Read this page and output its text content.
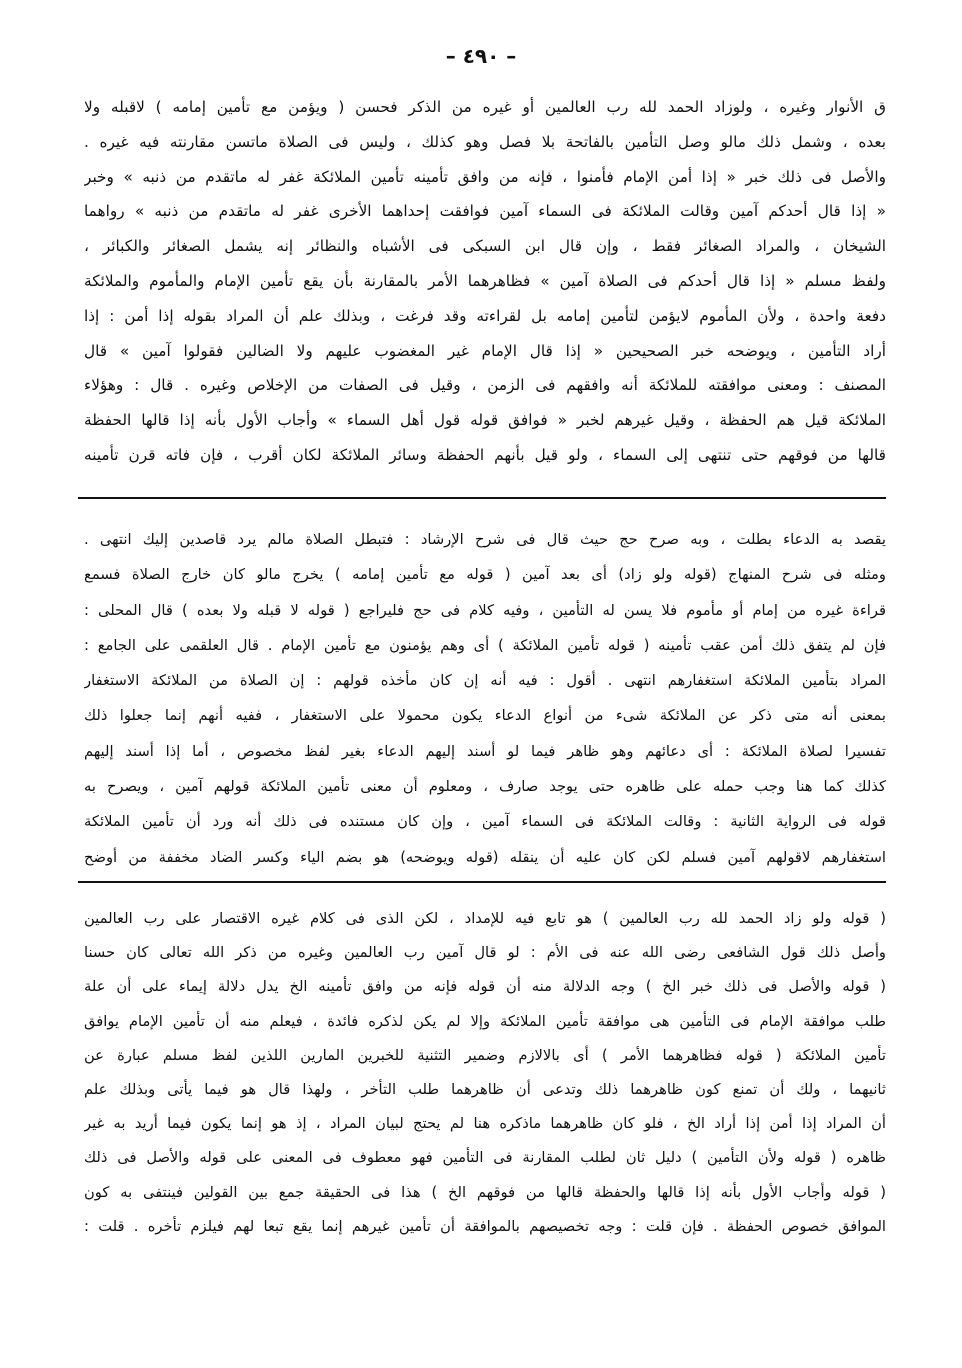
– ٤٩٠ –
ق الأنوار وغيره ، ولوزاد الحمد لله رب العالمين أو غيره من الذكر فحسن ( ويؤمن مع تأمين إمامه ) لاقبله ولا
بعده ، وشمل ذلك مالو وصل التأمين بالفاتحة بلا فصل وهو كذلك ، وليس فى الصلاة ماتسن مقارنته فيه غيره .
والأصل فى ذلك خبر « إذا أمن الإمام فأمنوا ، فإنه من وافق تأمينه تأمين الملائكة غفر له ماتقدم من ذنبه » وخبر
« إذا قال أحدكم آمين وقالت الملائكة فى السماء آمين فوافقت إحداهما الأخرى غفر له ماتقدم من ذنبه » رواهما
الشيخان ، والمراد الصغائر فقط ، وإن قال ابن السبكى فى الأشباه والنظائر إنه يشمل الصغائر والكبائر ،
ولفظ مسلم « إذا قال أحدكم فى الصلاة آمين » فظاهرهما الأمر بالمقارنة بأن يقع تأمين الإمام والمأموم والملائكة
دفعة واحدة ، ولأن المأموم لايؤمن لتأمين إمامه بل لقراءته وقد فرغت ، وبذلك علم أن المراد بقوله إذا أمن : إذا
أراد التأمين ، ويوضحه خبر الصحيحين « إذا قال الإمام غير المغضوب عليهم ولا الضالين فقولوا آمين » قال
المصنف : ومعنى موافقته للملائكة أنه وافقهم فى الزمن ، وقيل فى الصفات من الإخلاص وغيره . قال : وهؤلاء
الملائكة قيل هم الحفظة ، وقيل غيرهم لخبر « فوافق قوله قول أهل السماء » وأجاب الأول بأنه إذا قالها الحفظة
قالها من فوقهم حتى تنتهى إلى السماء ، ولو قيل بأنهم الحفظة وسائر الملائكة لكان أقرب ، فإن فاته قرن تأمينه
يقصد به الدعاء بطلت ، وبه صرح حج حيث قال فى شرح الإرشاد : فتبطل الصلاة مالم يرد قاصدين إليك انتهى .
ومثله فى شرح المنهاج (قوله ولو زاد) أى بعد آمين ( قوله مع تأمين إمامه ) يخرج مالو كان خارج الصلاة فسمع
قراءة غيره من إمام أو مأموم فلا يسن له التأمين ، وفيه كلام فى حج فليراجع ( قوله لا قبله ولا بعده ) قال المحلى :
فإن لم يتفق ذلك أمن عقب تأمينه ( قوله تأمين الملائكة ) أى وهم يؤمنون مع تأمين الإمام . قال العلقمى على الجامع :
المراد بتأمين الملائكة استغفارهم انتهى . أقول : فيه أنه إن كان مأخذه قولهم : إن الصلاة من الملائكة الاستغفار
بمعنى أنه متى ذكر عن الملائكة شىء من أنواع الدعاء يكون محمولا على الاستغفار ، ففيه أنهم إنما جعلوا ذلك
تفسيرا لصلاة الملائكة : أى دعائهم وهو ظاهر فيما لو أسند إليهم الدعاء بغير لفظ مخصوص ، أما إذا أسند إليهم
كذلك كما هنا وجب حمله على ظاهره حتى يوجد صارف ، ومعلوم أن معنى تأمين الملائكة قولهم آمين ، ويصرح به
قوله فى الرواية الثانية : وقالت الملائكة فى السماء آمين ، وإن كان مستنده فى ذلك أنه ورد أن تأمين الملائكة
استغفارهم لاقولهم آمين فسلم لكن كان عليه أن ينقله (قوله ويوضحه) هو بضم الياء وكسر الضاد مخففة من أوضح
( قوله ولو زاد الحمد لله رب العالمين ) هو تابع فيه للإمداد ، لكن الذى فى كلام غيره الاقتصار على رب العالمين
وأصل ذلك قول الشافعى رضى الله عنه فى الأم : لو قال آمين رب العالمين وغيره من ذكر الله تعالى كان حسنا
( قوله والأصل فى ذلك خبر الخ ) وجه الدلالة منه أن قوله فإنه من وافق تأمينه الخ يدل دلالة إيماء على أن علة
طلب موافقة الإمام فى التأمين هى موافقة تأمين الملائكة وإلا لم يكن لذكره فائدة ، فيعلم منه أن تأمين الإمام يوافق
تأمين الملائكة ( قوله فظاهرهما الأمر ) أى بالالازم وضمير التثنية للخبرين المارين اللذين لفظ مسلم عبارة عن
ثانيهما ، ولك أن تمنع كون ظاهرهما ذلك وتدعى أن ظاهرهما طلب التأخر ، ولهذا قال هو فيما يأتى وبذلك علم
أن المراد إذا أمن إذا أراد الخ ، فلو كان ظاهرهما ماذكره هنا لم يحتج لبيان المراد ، إذ هو إنما يكون فيما أريد به غير
ظاهره ( قوله ولأن التأمين ) دليل ثان لطلب المقارنة فى التأمين فهو معطوف فى المعنى على قوله والأصل فى ذلك
( قوله وأجاب الأول بأنه إذا قالها والحفظة قالها من فوقهم الخ ) هذا فى الحقيقة جمع بين القولين فينتفى به كون
الموافق خصوص الحفظة . فإن قلت : وجه تخصيصهم بالموافقة أن تأمين غيرهم إنما يقع تبعا لهم فيلزم تأخره . قلت :
